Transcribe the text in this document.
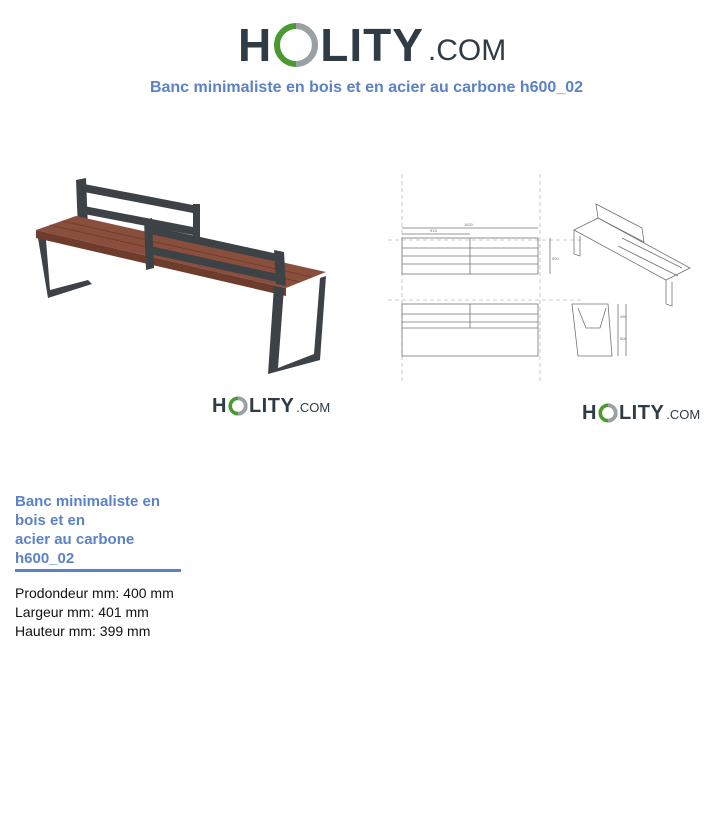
H LITY .COM
Banc minimaliste en bois et en acier au carbone h600_02
1820
915
500
450
800
H LITY .COM	H LITY .COM
Banc minimaliste en
bois et en
acier au carbone
h600_02
Prodondeur mm: 400 mm
Largeur mm: 401 mm
Hauteur mm: 399 mm
